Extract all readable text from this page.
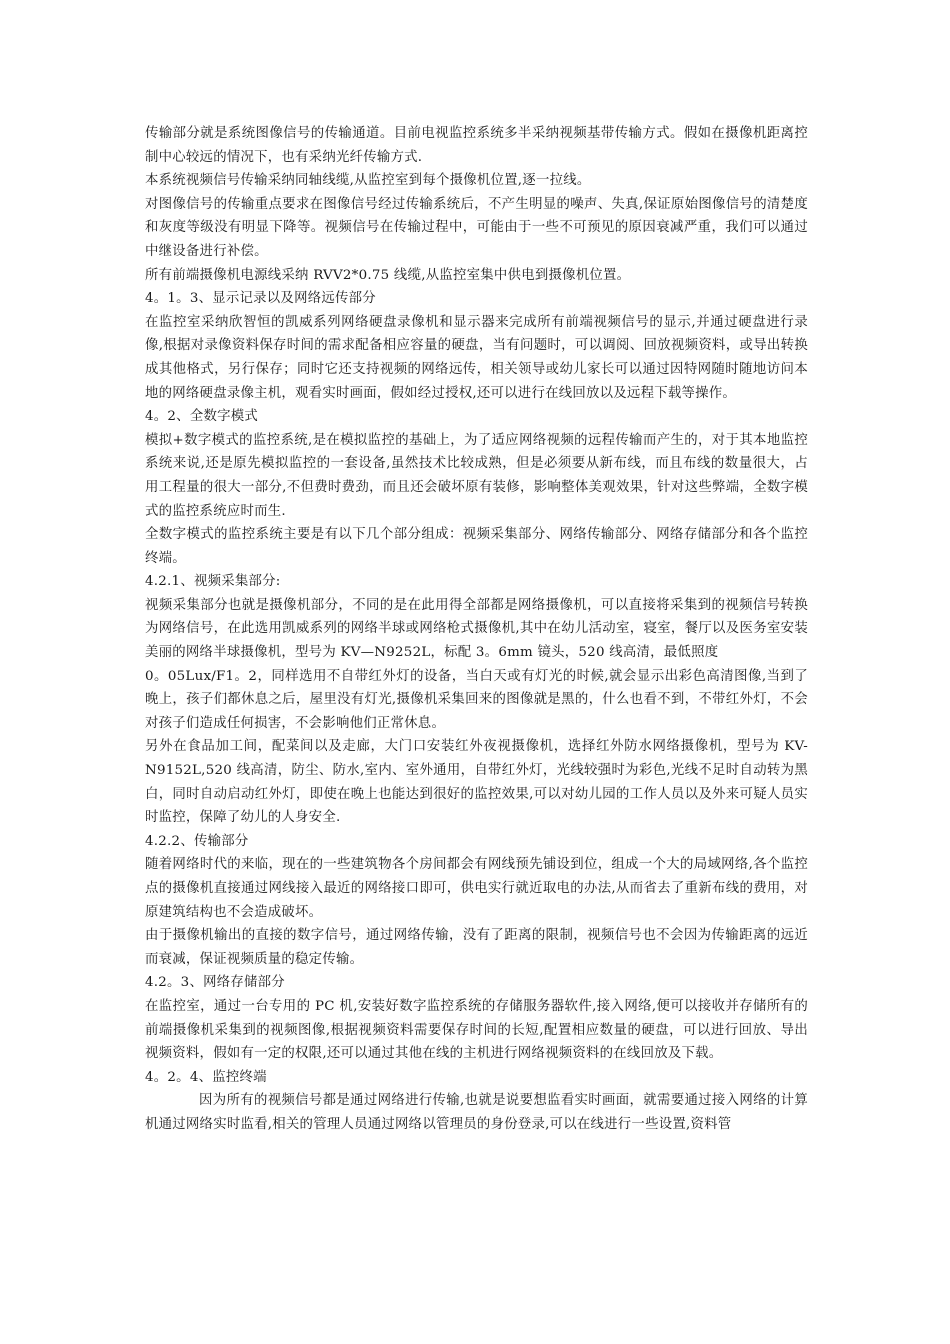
传输部分就是系统图像信号的传输通道。目前电视监控系统多半采纳视频基带传输方式。假如在摄像机距离控制中心较远的情况下，也有采纳光纤传输方式.

本系统视频信号传输采纳同轴线缆,从监控室到每个摄像机位置,逐一拉线。

对图像信号的传输重点要求在图像信号经过传输系统后，不产生明显的噪声、失真,保证原始图像信号的清楚度和灰度等级没有明显下降等。视频信号在传输过程中，可能由于一些不可预见的原因衰减严重，我们可以通过中继设备进行补偿。

所有前端摄像机电源线采纳 RVV2*0.75 线缆,从监控室集中供电到摄像机位置。

4。1。3、显示记录以及网络远传部分

在监控室采纳欣智恒的凯威系列网络硬盘录像机和显示器来完成所有前端视频信号的显示,并通过硬盘进行录像,根据对录像资料保存时间的需求配备相应容量的硬盘，当有问题时，可以调阅、回放视频资料，或导出转换成其他格式，另行保存；同时它还支持视频的网络远传，相关领导或幼儿家长可以通过因特网随时随地访问本地的网络硬盘录像主机，观看实时画面，假如经过授权,还可以进行在线回放以及远程下载等操作。

4。2、全数字模式

模拟+数字模式的监控系统,是在模拟监控的基础上，为了适应网络视频的远程传输而产生的，对于其本地监控系统来说,还是原先模拟监控的一套设备,虽然技术比较成熟，但是必须要从新布线，而且布线的数量很大，占用工程量的很大一部分,不但费时费劲，而且还会破坏原有装修，影响整体美观效果，针对这些弊端，全数字模式的监控系统应时而生.

全数字模式的监控系统主要是有以下几个部分组成：视频采集部分、网络传输部分、网络存储部分和各个监控终端。

4.2.1、视频采集部分:

视频采集部分也就是摄像机部分，不同的是在此用得全部都是网络摄像机，可以直接将采集到的视频信号转换为网络信号，在此选用凯威系列的网络半球或网络枪式摄像机,其中在幼儿活动室，寝室，餐厅以及医务室安装美丽的网络半球摄像机，型号为 KV—N9252L，标配 3。6mm 镜头，520 线高清，最低照度

0。05Lux/F1。2，同样选用不自带红外灯的设备，当白天或有灯光的时候,就会显示出彩色高清图像,当到了晚上，孩子们都休息之后，屋里没有灯光,摄像机采集回来的图像就是黑的，什么也看不到，不带红外灯，不会对孩子们造成任何损害，不会影响他们正常休息。

另外在食品加工间，配菜间以及走廊，大门口安装红外夜视摄像机，选择红外防水网络摄像机，型号为 KV-N9152L,520 线高清，防尘、防水,室内、室外通用，自带红外灯，光线较强时为彩色,光线不足时自动转为黑白，同时自动启动红外灯，即使在晚上也能达到很好的监控效果,可以对幼儿园的工作人员以及外来可疑人员实时监控，保障了幼儿的人身安全.

4.2.2、传输部分

随着网络时代的来临，现在的一些建筑物各个房间都会有网线预先铺设到位，组成一个大的局域网络,各个监控点的摄像机直接通过网线接入最近的网络接口即可，供电实行就近取电的办法,从而省去了重新布线的费用，对原建筑结构也不会造成破坏。

由于摄像机输出的直接的数字信号，通过网络传输，没有了距离的限制，视频信号也不会因为传输距离的远近而衰减，保证视频质量的稳定传输。

4.2。3、网络存储部分

在监控室，通过一台专用的 PC 机,安装好数字监控系统的存储服务器软件,接入网络,便可以接收并存储所有的前端摄像机采集到的视频图像,根据视频资料需要保存时间的长短,配置相应数量的硬盘，可以进行回放、导出视频资料，假如有一定的权限,还可以通过其他在线的主机进行网络视频资料的在线回放及下载。

4。2。4、监控终端

因为所有的视频信号都是通过网络进行传输,也就是说要想监看实时画面，就需要通过接入网络的计算机通过网络实时监看,相关的管理人员通过网络以管理员的身份登录,可以在线进行一些设置,资料管
